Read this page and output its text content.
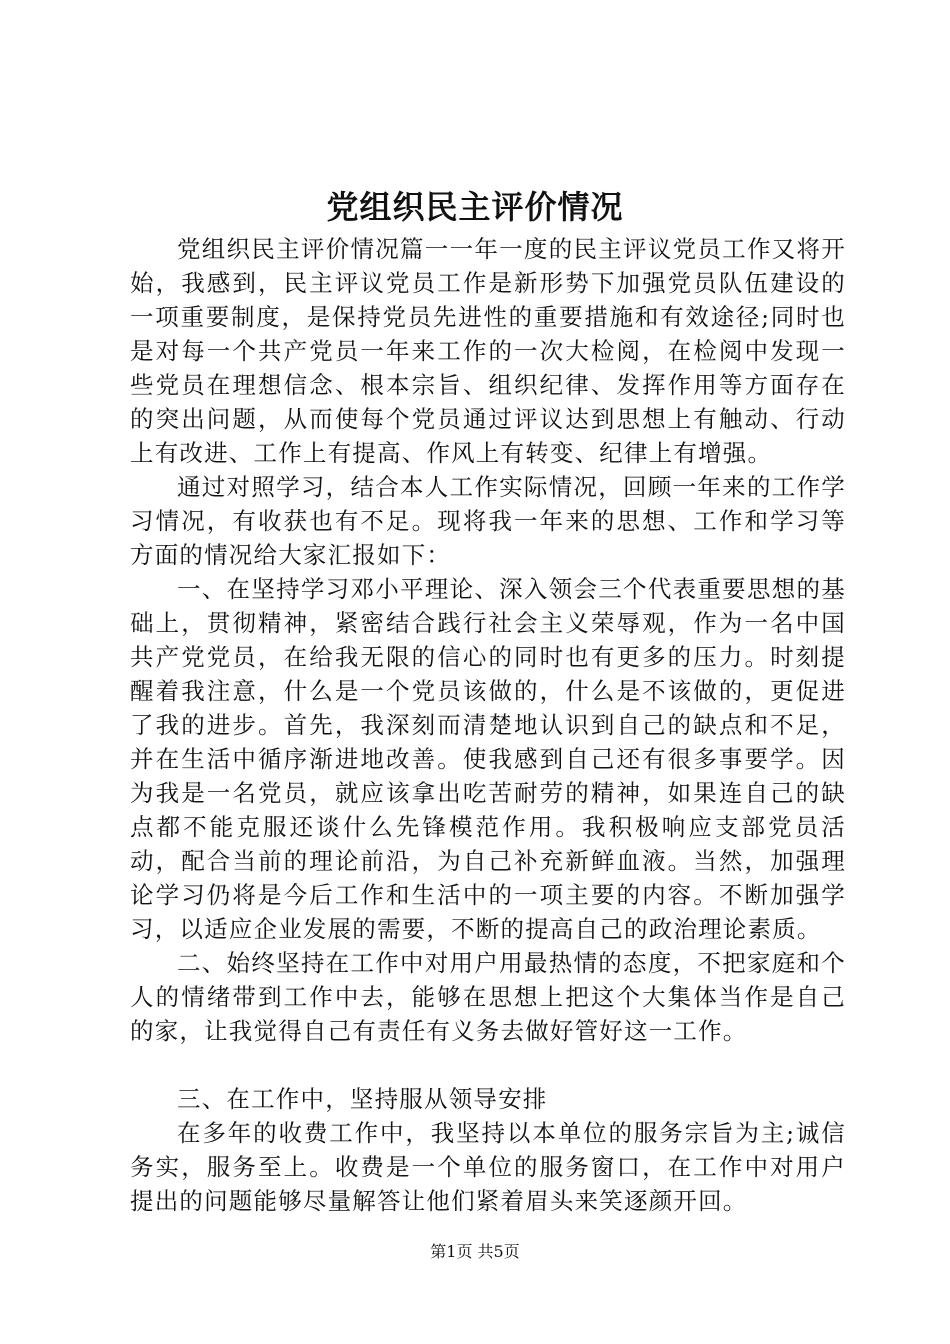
党组织民主评价情况

党组织民主评价情况篇一一年一度的民主评议党员工作又将开始，我感到，民主评议党员工作是新形势下加强党员队伍建设的一项重要制度，是保持党员先进性的重要措施和有效途径;同时也是对每一个共产党员一年来工作的一次大检阅，在检阅中发现一些党员在理想信念、根本宗旨、组织纪律、发挥作用等方面存在的突出问题，从而使每个党员通过评议达到思想上有触动、行动上有改进、工作上有提高、作风上有转变、纪律上有增强。

通过对照学习，结合本人工作实际情况，回顾一年来的工作学习情况，有收获也有不足。现将我一年来的思想、工作和学习等方面的情况给大家汇报如下：

一、在坚持学习邓小平理论、深入领会三个代表重要思想的基础上，贯彻精神，紧密结合践行社会主义荣辱观，作为一名中国共产党党员，在给我无限的信心的同时也有更多的压力。时刻提醒着我注意，什么是一个党员该做的，什么是不该做的，更促进了我的进步。首先，我深刻而清楚地认识到自己的缺点和不足，并在生活中循序渐进地改善。使我感到自己还有很多事要学。因为我是一名党员，就应该拿出吃苦耐劳的精神，如果连自己的缺点都不能克服还谈什么先锋模范作用。我积极响应支部党员活动，配合当前的理论前沿，为自己补充新鲜血液。当然，加强理论学习仍将是今后工作和生活中的一项主要的内容。不断加强学习，以适应企业发展的需要，不断的提高自己的政治理论素质。

二、始终坚持在工作中对用户用最热情的态度，不把家庭和个人的情绪带到工作中去，能够在思想上把这个大集体当作是自己的家，让我觉得自己有责任有义务去做好管好这一工作。

三、在工作中，坚持服从领导安排

在多年的收费工作中，我坚持以本单位的服务宗旨为主;诚信务实，服务至上。收费是一个单位的服务窗口，在工作中对用户提出的问题能够尽量解答让他们紧着眉头来笑逐颜开回。

第1页 共5页
